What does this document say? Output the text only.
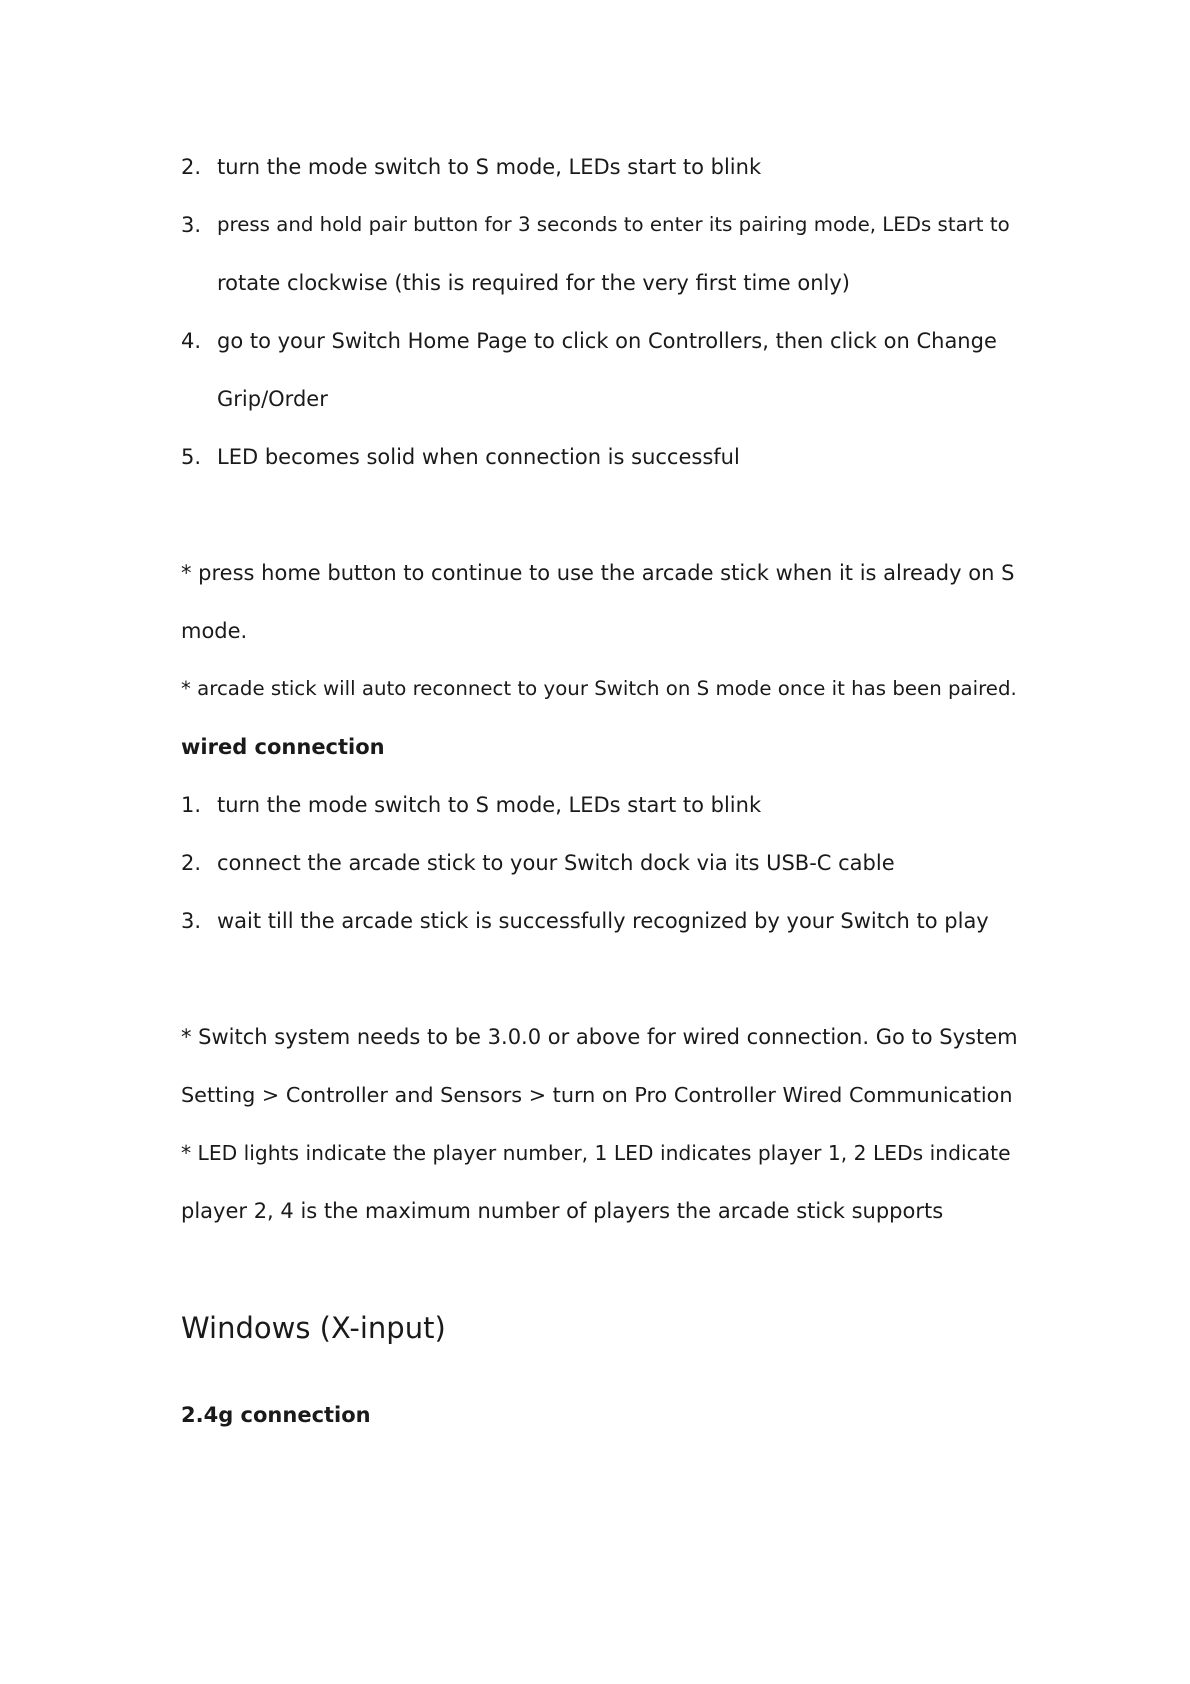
2. turn the mode switch to S mode, LEDs start to blink
3. press and hold pair button for 3 seconds to enter its pairing mode, LEDs start to
rotate clockwise (this is required for the very first time only)
4. go to your Switch Home Page to click on Controllers, then click on Change
Grip/Order
5. LED becomes solid when connection is successful
* press home button to continue to use the arcade stick when it is already on S
mode.
* arcade stick will auto reconnect to your Switch on S mode once it has been paired.
wired connection
1. turn the mode switch to S mode, LEDs start to blink
2. connect the arcade stick to your Switch dock via its USB-C cable
3. wait till the arcade stick is successfully recognized by your Switch to play
* Switch system needs to be 3.0.0 or above for wired connection. Go to System
Setting > Controller and Sensors > turn on Pro Controller Wired Communication
* LED lights indicate the player number, 1 LED indicates player 1, 2 LEDs indicate
player 2, 4 is the maximum number of players the arcade stick supports
Windows (X-input)
2.4g connection
